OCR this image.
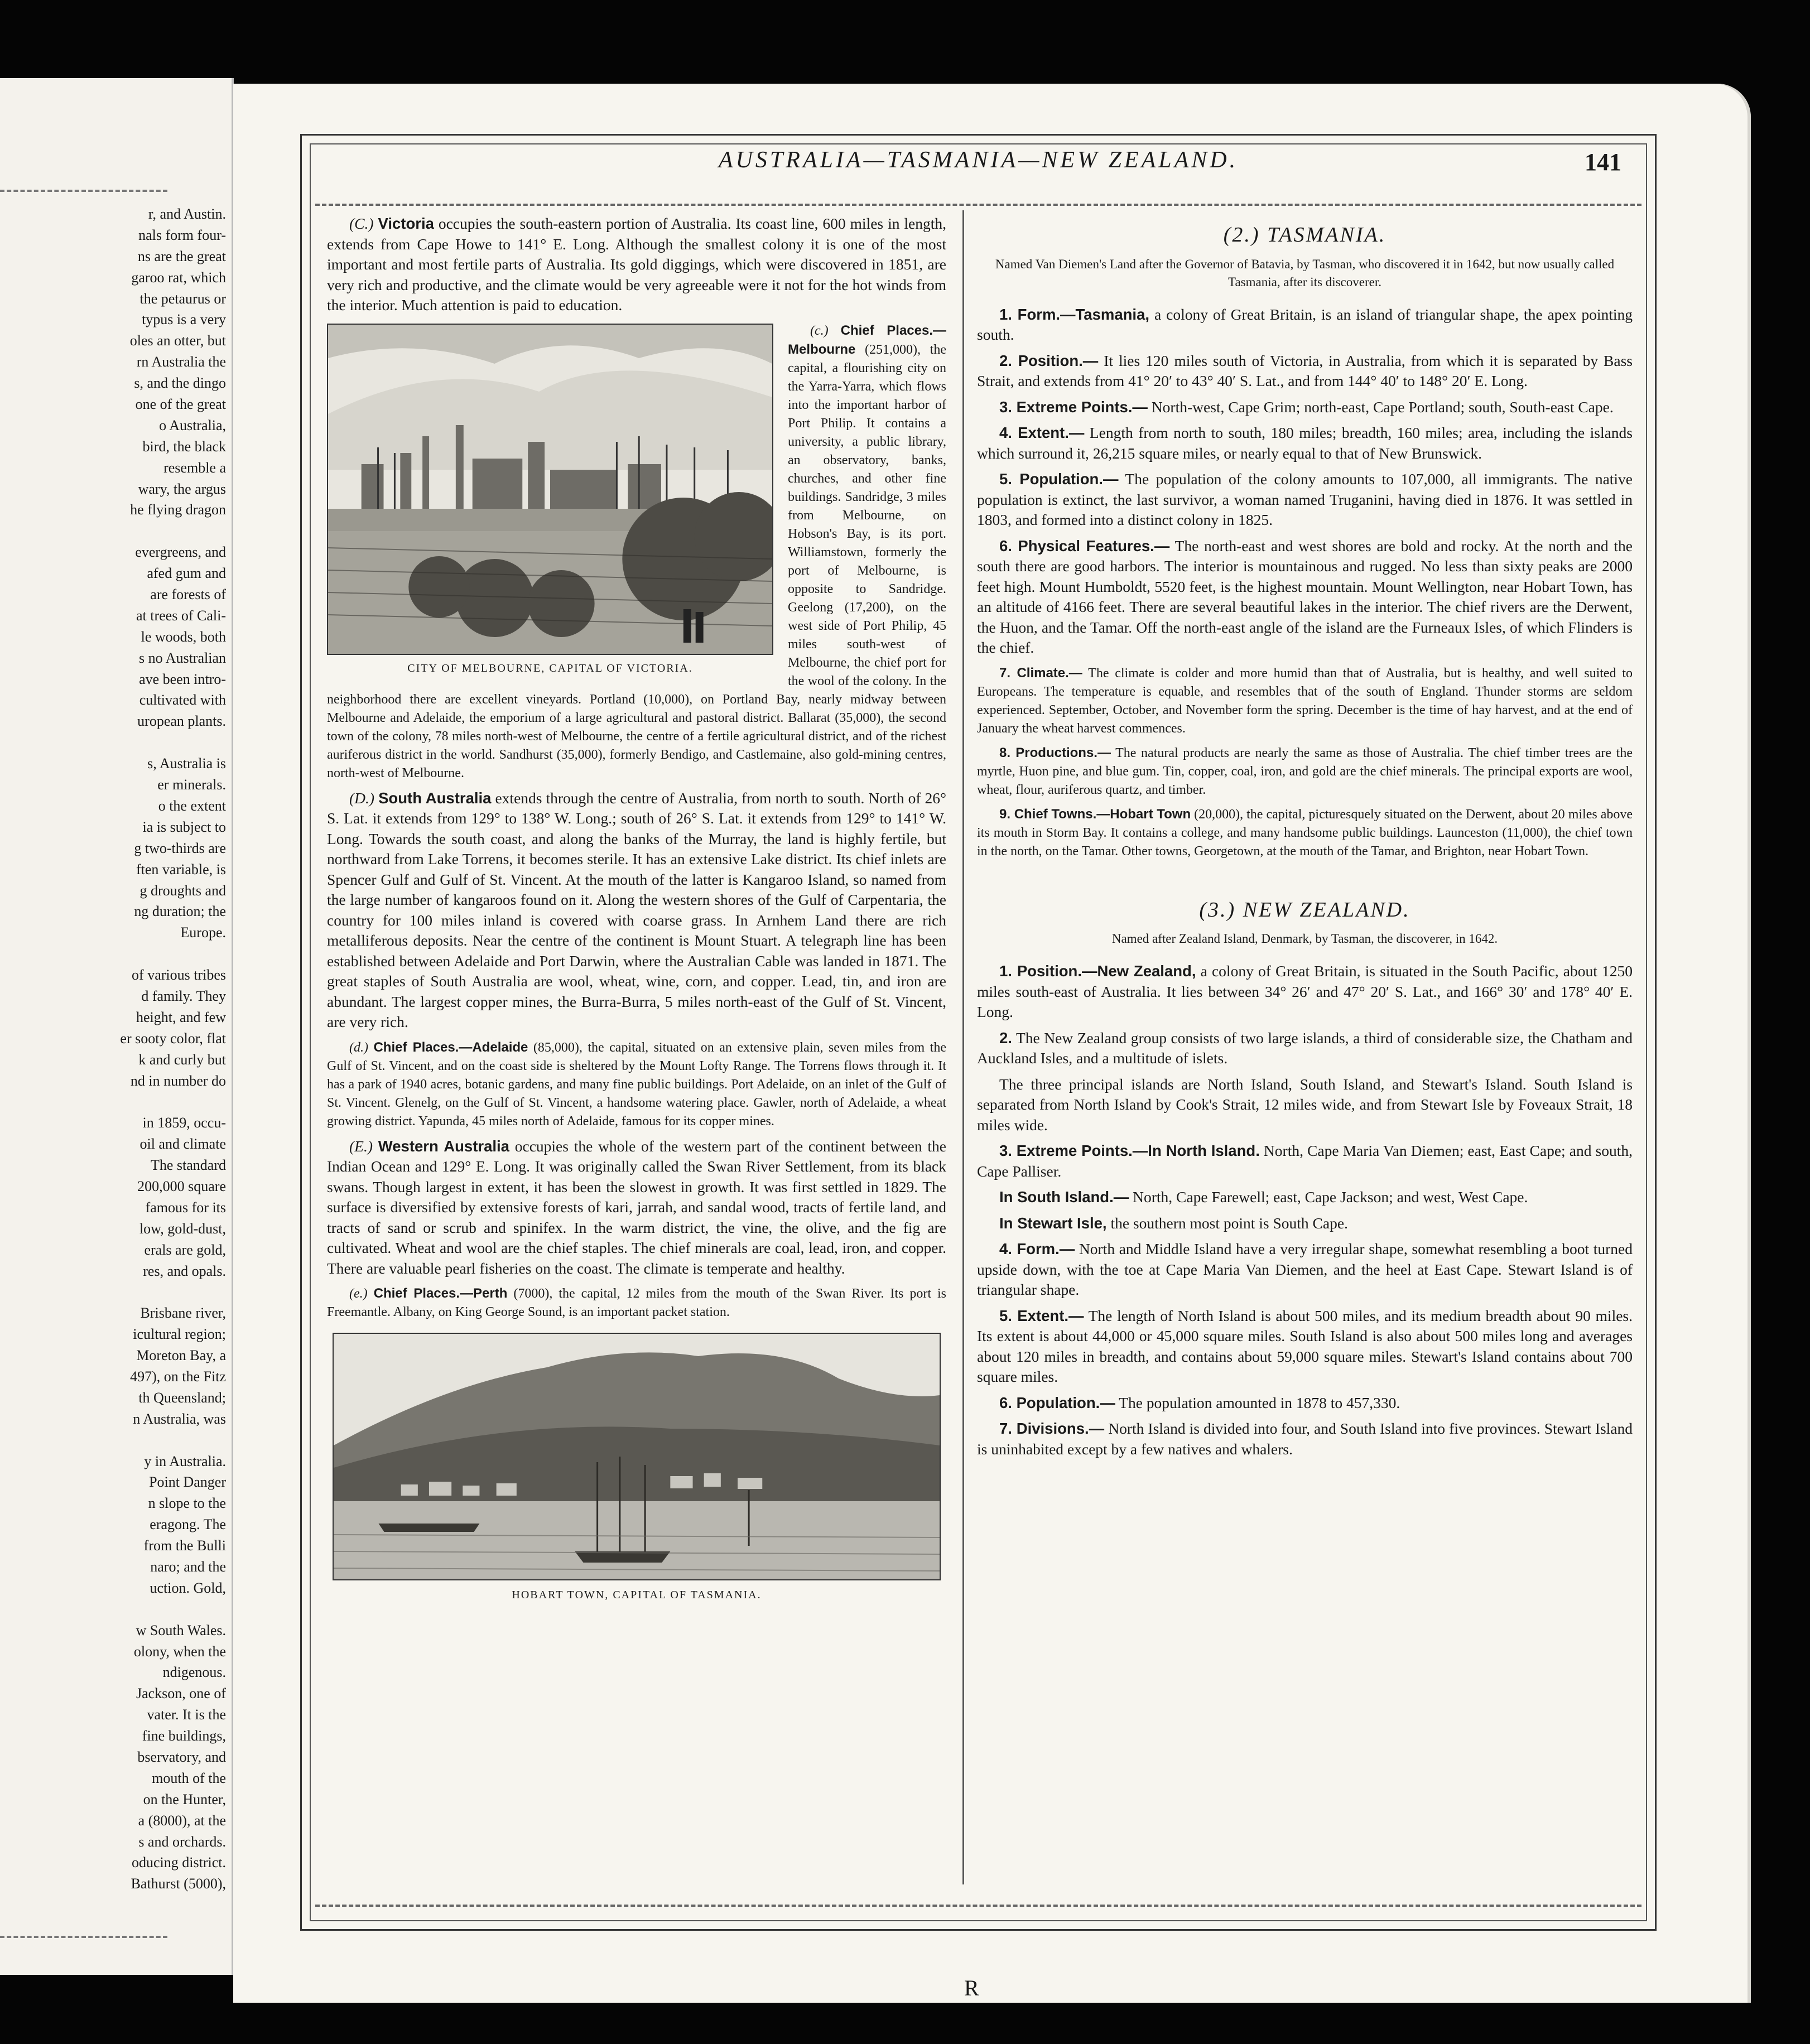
r, and Austin.
nals form four-
ns are the great
garoo rat, which
the petaurus or
typus is a very
oles an otter, but
rn Australia the
s, and the dingo
one of the great
o Australia,
bird, the black
resemble a
wary, the argus
he flying dragon
evergreens, and
afed gum and
are forests of
at trees of Cali-
le woods, both
s no Australian
ave been intro-
cultivated with
uropean plants.
s, Australia is
er minerals.
o the extent
ia is subject to
g two-thirds are
ften variable, is
g droughts and
ng duration; the
Europe.
of various tribes
d family. They
height, and few
er sooty color, flat
k and curly but
nd in number do
in 1859, occu-
oil and climate
The standard
200,000 square
famous for its
low, gold-dust,
erals are gold,
res, and opals.
Brisbane river,
icultural region;
Moreton Bay, a
497), on the Fitz
th Queensland;
n Australia, was
y in Australia.
Point Danger
n slope to the
eragong. The
from the Bulli
naro; and the
uction. Gold,
w South Wales.
olony, when the
ndigenous.
Jackson, one of
vater. It is the
fine buildings,
bservatory, and
mouth of the
on the Hunter,
a (8000), at the
s and orchards.
oducing district.
Bathurst (5000),
AUSTRALIA—TASMANIA—NEW ZEALAND.	141

(C.) Victoria occupies the south-eastern portion of Australia. Its coast line, 600 miles in length, extends from Cape Howe to 141° E. Long. Although the smallest colony it is one of the most important and most fertile parts of Australia. Its gold diggings, which were discovered in 1851, are very rich and productive, and the climate would be very agreeable were it not for the hot winds from the interior. Much attention is paid to education.

CITY OF MELBOURNE, CAPITAL OF VICTORIA.
(c.) Chief Places.—Melbourne (251,000), the capital, a flourishing city on the Yarra-Yarra, which flows into the important harbor of Port Philip. It contains a university, a public library, an observatory, banks, churches, and other fine buildings. Sandridge, 3 miles from Melbourne, on Hobson's Bay, is its port. Williamstown, formerly the port of Melbourne, is opposite to Sandridge. Geelong (17,200), on the west side of Port Philip, 45 miles south-west of Melbourne, the chief port for the wool of the colony. In the neighborhood there are excellent vineyards. Portland (10,000), on Portland Bay, nearly midway between Melbourne and Adelaide, the emporium of a large agricultural and pastoral district. Ballarat (35,000), the second town of the colony, 78 miles north-west of Melbourne, the centre of a fertile agricultural district, and of the richest auriferous district in the world. Sandhurst (35,000), formerly Bendigo, and Castlemaine, also gold-mining centres, north-west of Melbourne.

(D.) South Australia extends through the centre of Australia, from north to south. North of 26° S. Lat. it extends from 129° to 138° W. Long.; south of 26° S. Lat. it extends from 129° to 141° W. Long. Towards the south coast, and along the banks of the Murray, the land is highly fertile, but northward from Lake Torrens, it becomes sterile. It has an extensive Lake district. Its chief inlets are Spencer Gulf and Gulf of St. Vincent. At the mouth of the latter is Kangaroo Island, so named from the large number of kangaroos found on it. Along the western shores of the Gulf of Carpentaria, the country for 100 miles inland is covered with coarse grass. In Arnhem Land there are rich metalliferous deposits. Near the centre of the continent is Mount Stuart. A telegraph line has been established between Adelaide and Port Darwin, where the Australian Cable was landed in 1871. The great staples of South Australia are wool, wheat, wine, corn, and copper. Lead, tin, and iron are abundant. The largest copper mines, the Burra-Burra, 5 miles north-east of the Gulf of St. Vincent, are very rich.

(d.) Chief Places.—Adelaide (85,000), the capital, situated on an extensive plain, seven miles from the Gulf of St. Vincent, and on the coast side is sheltered by the Mount Lofty Range. The Torrens flows through it. It has a park of 1940 acres, botanic gardens, and many fine public buildings. Port Adelaide, on an inlet of the Gulf of St. Vincent. Glenelg, on the Gulf of St. Vincent, a handsome watering place. Gawler, north of Adelaide, a wheat growing district. Yapunda, 45 miles north of Adelaide, famous for its copper mines.

(E.) Western Australia occupies the whole of the western part of the continent between the Indian Ocean and 129° E. Long. It was originally called the Swan River Settlement, from its black swans. Though largest in extent, it has been the slowest in growth. It was first settled in 1829. The surface is diversified by extensive forests of kari, jarrah, and sandal wood, tracts of fertile land, and tracts of sand or scrub and spinifex. In the warm district, the vine, the olive, and the fig are cultivated. Wheat and wool are the chief staples. The chief minerals are coal, lead, iron, and copper. There are valuable pearl fisheries on the coast. The climate is temperate and healthy.

(e.) Chief Places.—Perth (7000), the capital, 12 miles from the mouth of the Swan River. Its port is Freemantle. Albany, on King George Sound, is an important packet station.

HOBART TOWN, CAPITAL OF TASMANIA.
(2.) TASMANIA.
Named Van Diemen's Land after the Governor of Batavia, by Tasman, who discovered it in 1642, but now usually called Tasmania, after its discoverer.

1. Form.—Tasmania, a colony of Great Britain, is an island of triangular shape, the apex pointing south.

2. Position.— It lies 120 miles south of Victoria, in Australia, from which it is separated by Bass Strait, and extends from 41° 20′ to 43° 40′ S. Lat., and from 144° 40′ to 148° 20′ E. Long.

3. Extreme Points.— North-west, Cape Grim; north-east, Cape Portland; south, South-east Cape.

4. Extent.— Length from north to south, 180 miles; breadth, 160 miles; area, including the islands which surround it, 26,215 square miles, or nearly equal to that of New Brunswick.

5. Population.— The population of the colony amounts to 107,000, all immigrants. The native population is extinct, the last survivor, a woman named Truganini, having died in 1876. It was settled in 1803, and formed into a distinct colony in 1825.

6. Physical Features.— The north-east and west shores are bold and rocky. At the north and the south there are good harbors. The interior is mountainous and rugged. No less than sixty peaks are 2000 feet high. Mount Humboldt, 5520 feet, is the highest mountain. Mount Wellington, near Hobart Town, has an altitude of 4166 feet. There are several beautiful lakes in the interior. The chief rivers are the Derwent, the Huon, and the Tamar. Off the north-east angle of the island are the Furneaux Isles, of which Flinders is the chief.

7. Climate.— The climate is colder and more humid than that of Australia, but is healthy, and well suited to Europeans. The temperature is equable, and resembles that of the south of England. Thunder storms are seldom experienced. September, October, and November form the spring. December is the time of hay harvest, and at the end of January the wheat harvest commences.

8. Productions.— The natural products are nearly the same as those of Australia. The chief timber trees are the myrtle, Huon pine, and blue gum. Tin, copper, coal, iron, and gold are the chief minerals. The principal exports are wool, wheat, flour, auriferous quartz, and timber.

9. Chief Towns.—Hobart Town (20,000), the capital, picturesquely situated on the Derwent, about 20 miles above its mouth in Storm Bay. It contains a college, and many handsome public buildings. Launceston (11,000), the chief town in the north, on the Tamar. Other towns, Georgetown, at the mouth of the Tamar, and Brighton, near Hobart Town.

(3.) NEW ZEALAND.
Named after Zealand Island, Denmark, by Tasman, the discoverer, in 1642.

1. Position.—New Zealand, a colony of Great Britain, is situated in the South Pacific, about 1250 miles south-east of Australia. It lies between 34° 26′ and 47° 20′ S. Lat., and 166° 30′ and 178° 40′ E. Long.

2. The New Zealand group consists of two large islands, a third of considerable size, the Chatham and Auckland Isles, and a multitude of islets.

The three principal islands are North Island, South Island, and Stewart's Island. South Island is separated from North Island by Cook's Strait, 12 miles wide, and from Stewart Isle by Foveaux Strait, 18 miles wide.

3. Extreme Points.—In North Island. North, Cape Maria Van Diemen; east, East Cape; and south, Cape Palliser.

In South Island.— North, Cape Farewell; east, Cape Jackson; and west, West Cape.

In Stewart Isle, the southern most point is South Cape.

4. Form.— North and Middle Island have a very irregular shape, somewhat resembling a boot turned upside down, with the toe at Cape Maria Van Diemen, and the heel at East Cape. Stewart Island is of triangular shape.

5. Extent.— The length of North Island is about 500 miles, and its medium breadth about 90 miles. Its extent is about 44,000 or 45,000 square miles. South Island is also about 500 miles long and averages about 120 miles in breadth, and contains about 59,000 square miles. Stewart's Island contains about 700 square miles.

6. Population.— The population amounted in 1878 to 457,330.

7. Divisions.— North Island is divided into four, and South Island into five provinces. Stewart Island is uninhabited except by a few natives and whalers.

R
